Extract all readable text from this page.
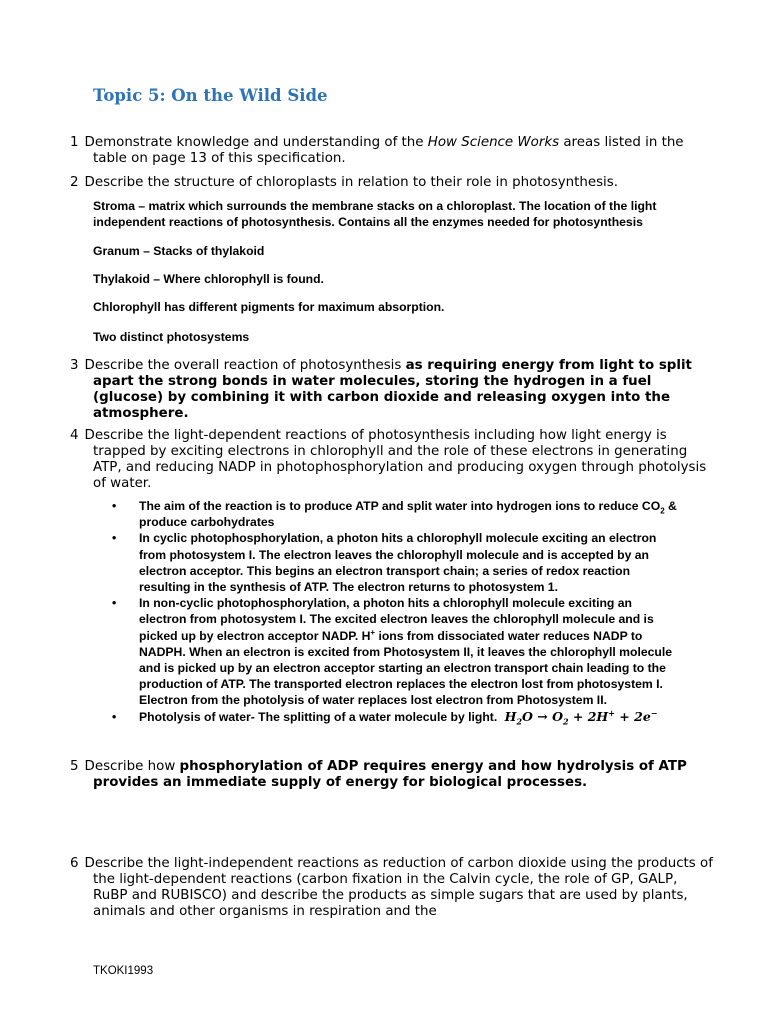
Topic 5: On the Wild Side
1 Demonstrate knowledge and understanding of the How Science Works areas listed in the table on page 13 of this specification.
2 Describe the structure of chloroplasts in relation to their role in photosynthesis.
Stroma – matrix which surrounds the membrane stacks on a chloroplast. The location of the light independent reactions of photosynthesis. Contains all the enzymes needed for photosynthesis
Granum – Stacks of thylakoid
Thylakoid – Where chlorophyll is found.
Chlorophyll has different pigments for maximum absorption.
Two distinct photosystems
3 Describe the overall reaction of photosynthesis as requiring energy from light to split apart the strong bonds in water molecules, storing the hydrogen in a fuel (glucose) by combining it with carbon dioxide and releasing oxygen into the atmosphere.
4 Describe the light-dependent reactions of photosynthesis including how light energy is trapped by exciting electrons in chlorophyll and the role of these electrons in generating ATP, and reducing NADP in photophosphorylation and producing oxygen through photolysis of water.
• The aim of the reaction is to produce ATP and split water into hydrogen ions to reduce $CO_2$ & produce carbohydrates
• In cyclic photophosphorylation, a photon hits a chlorophyll molecule exciting an electron from photosystem I. The electron leaves the chlorophyll molecule and is accepted by an electron acceptor. This begins an electron transport chain; a series of redox reaction resulting in the synthesis of ATP. The electron returns to photosystem 1.
• In non-cyclic photophosphorylation, a photon hits a chlorophyll molecule exciting an electron from photosystem I. The excited electron leaves the chlorophyll molecule and is picked up by electron acceptor NADP. H+ ions from dissociated water reduces NADP to NADPH. When an electron is excited from Photosystem II, it leaves the chlorophyll molecule and is picked up by an electron acceptor starting an electron transport chain leading to the production of ATP. The transported electron replaces the electron lost from photosystem I. Electron from the photolysis of water replaces lost electron from Photosystem II.
• Photolysis of water- The splitting of a water molecule by light. $H_2O \to O_2 + 2H^+ + 2e^-$
5 Describe how phosphorylation of ADP requires energy and how hydrolysis of ATP provides an immediate supply of energy for biological processes.
6 Describe the light-independent reactions as reduction of carbon dioxide using the products of the light-dependent reactions (carbon fixation in the Calvin cycle, the role of GP, GALP, RuBP and RUBISCO) and describe the products as simple sugars that are used by plants, animals and other organisms in respiration and the
TKOKI1993
